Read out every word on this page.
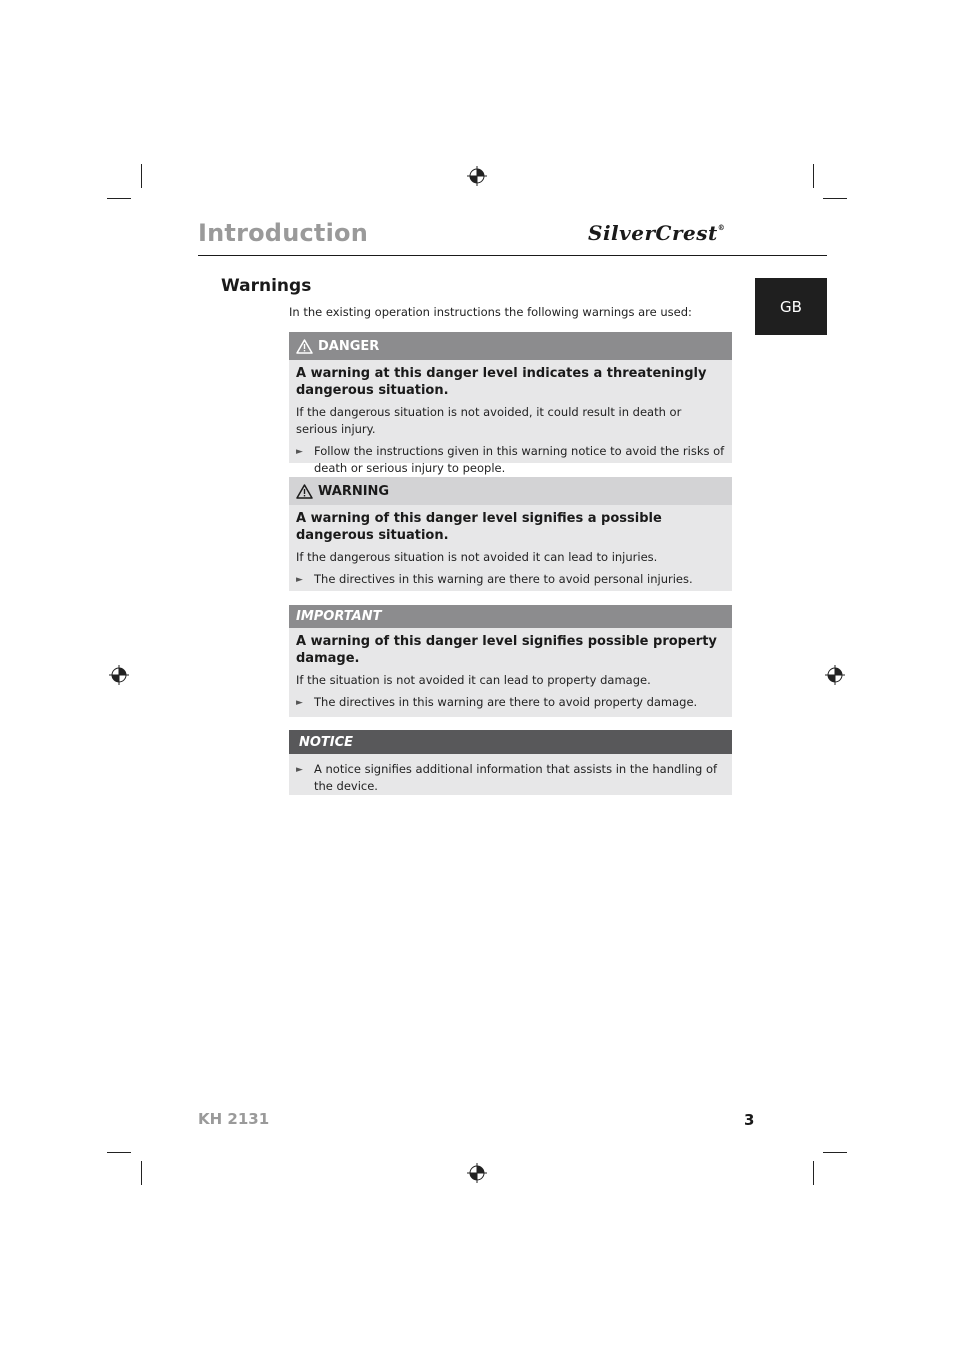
Introduction	SilverCrest®
GB
Warnings
In the existing operation instructions the following warnings are used:
DANGER
A warning at this danger level indicates a threateningly dangerous situation.
If the dangerous situation is not avoided, it could result in death or serious injury.
► Follow the instructions given in this warning notice to avoid the risks of death or serious injury to people.
WARNING
A warning of this danger level signifies a possible dangerous situation.
If the dangerous situation is not avoided it can lead to injuries.
► The directives in this warning are there to avoid personal injuries.
IMPORTANT
A warning of this danger level signifies possible property damage.
If the situation is not avoided it can lead to property damage.
► The directives in this warning are there to avoid property damage.
NOTICE
► A notice signifies additional information that assists in the handling of the device.
KH 2131	3
